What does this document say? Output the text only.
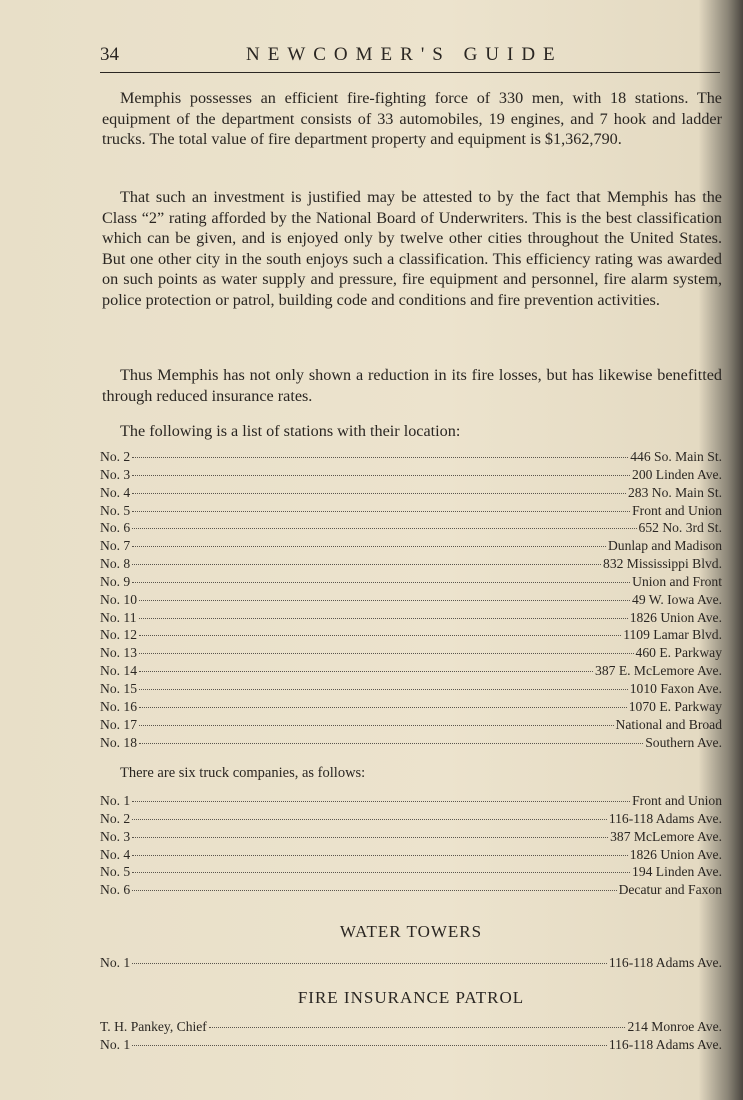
34	NEWCOMER'S GUIDE

Memphis possesses an efficient fire-fighting force of 330 men, with 18 stations. The equipment of the department consists of 33 automobiles, 19 engines, and 7 hook and ladder trucks. The total value of fire department property and equipment is $1,362,790.

That such an investment is justified may be attested to by the fact that Memphis has the Class “2” rating afforded by the National Board of Underwriters. This is the best classification which can be given, and is enjoyed only by twelve other cities throughout the United States. But one other city in the south enjoys such a classification. This efficiency rating was awarded on such points as water supply and pressure, fire equipment and personnel, fire alarm system, police protection or patrol, building code and conditions and fire prevention activities.

Thus Memphis has not only shown a reduction in its fire losses, but has likewise benefitted through reduced insurance rates.

The following is a list of stations with their location:

No. 2	446 So. Main St.
No. 3	200 Linden Ave.
No. 4	283 No. Main St.
No. 5	Front and Union
No. 6	652 No. 3rd St.
No. 7	Dunlap and Madison
No. 8	832 Mississippi Blvd.
No. 9	Union and Front
No. 10	49 W. Iowa Ave.
No. 11	1826 Union Ave.
No. 12	1109 Lamar Blvd.
No. 13	460 E. Parkway
No. 14	387 E. McLemore Ave.
No. 15	1010 Faxon Ave.
No. 16	1070 E. Parkway
No. 17	National and Broad
No. 18	Southern Ave.

There are six truck companies, as follows:

No. 1	Front and Union
No. 2	116-118 Adams Ave.
No. 3	387 McLemore Ave.
No. 4	1826 Union Ave.
No. 5	194 Linden Ave.
No. 6	Decatur and Faxon

WATER TOWERS

No. 1	116-118 Adams Ave.

FIRE INSURANCE PATROL

T. H. Pankey, Chief	214 Monroe Ave.
No. 1	116-118 Adams Ave.
